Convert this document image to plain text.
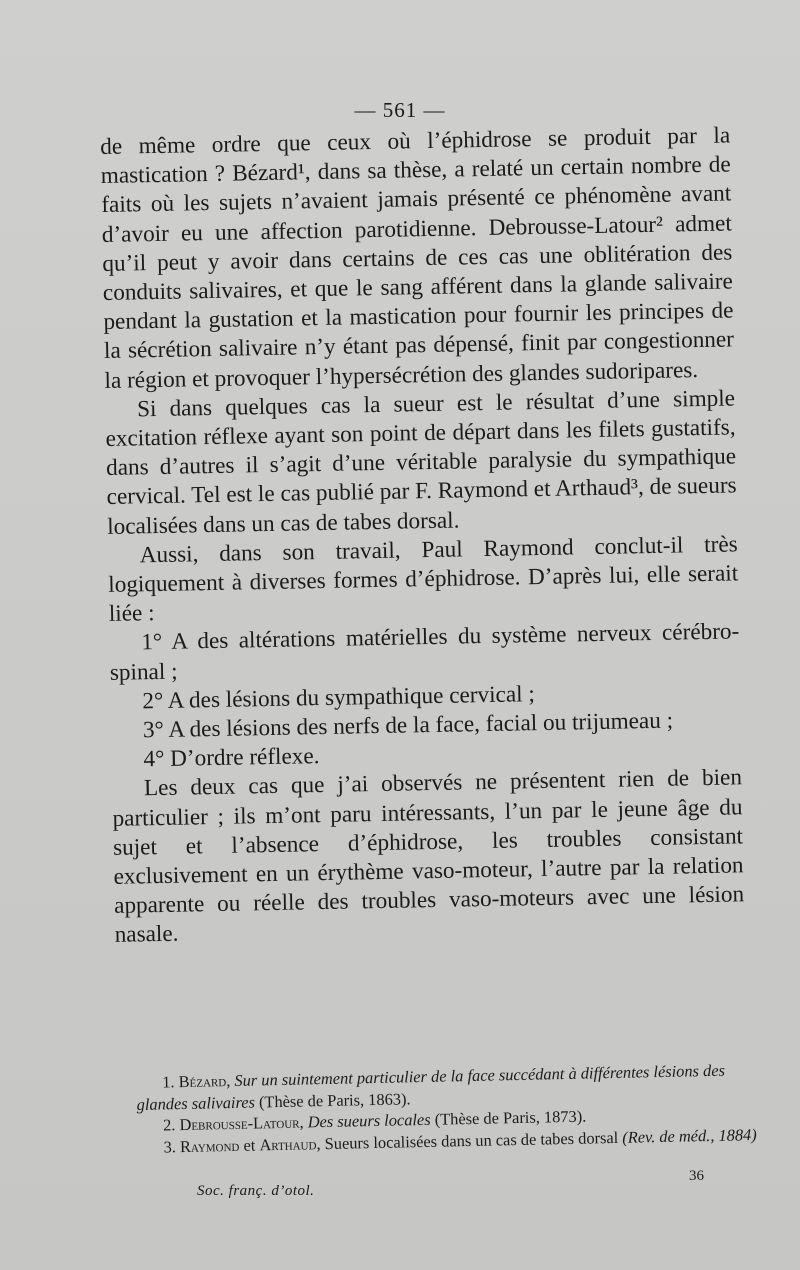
— 561 —

de même ordre que ceux où l’éphidrose se produit par la mastication ? Bézard¹, dans sa thèse, a relaté un certain nombre de faits où les sujets n’avaient jamais présenté ce phénomène avant d’avoir eu une affection parotidienne. Debrousse-Latour² admet qu’il peut y avoir dans certains de ces cas une oblitération des conduits salivaires, et que le sang afférent dans la glande salivaire pendant la gustation et la mastication pour fournir les principes de la sécrétion salivaire n’y étant pas dépensé, finit par congestionner la région et provoquer l’hypersécrétion des glandes sudoripares.

Si dans quelques cas la sueur est le résultat d’une simple excitation réflexe ayant son point de départ dans les filets gustatifs, dans d’autres il s’agit d’une véritable paralysie du sympathique cervical. Tel est le cas publié par F. Raymond et Arthaud³, de sueurs localisées dans un cas de tabes dorsal.

Aussi, dans son travail, Paul Raymond conclut-il très logiquement à diverses formes d’éphidrose. D’après lui, elle serait liée :

1° A des altérations matérielles du système nerveux cérébro-spinal ;

2° A des lésions du sympathique cervical ;

3° A des lésions des nerfs de la face, facial ou trijumeau ;

4° D’ordre réflexe.

Les deux cas que j’ai observés ne présentent rien de bien particulier ; ils m’ont paru intéressants, l’un par le jeune âge du sujet et l’absence d’éphidrose, les troubles consistant exclusivement en un érythème vaso-moteur, l’autre par la relation apparente ou réelle des troubles vaso-moteurs avec une lésion nasale.

1. Bézard, Sur un suintement particulier de la face succédant à différentes lésions des glandes salivaires (Thèse de Paris, 1863).

2. Debrousse-Latour, Des sueurs locales (Thèse de Paris, 1873).

3. Raymond et Arthaud, Sueurs localisées dans un cas de tabes dorsal (Rev. de méd., 1884)

36
Soc. franç. d’otol.
